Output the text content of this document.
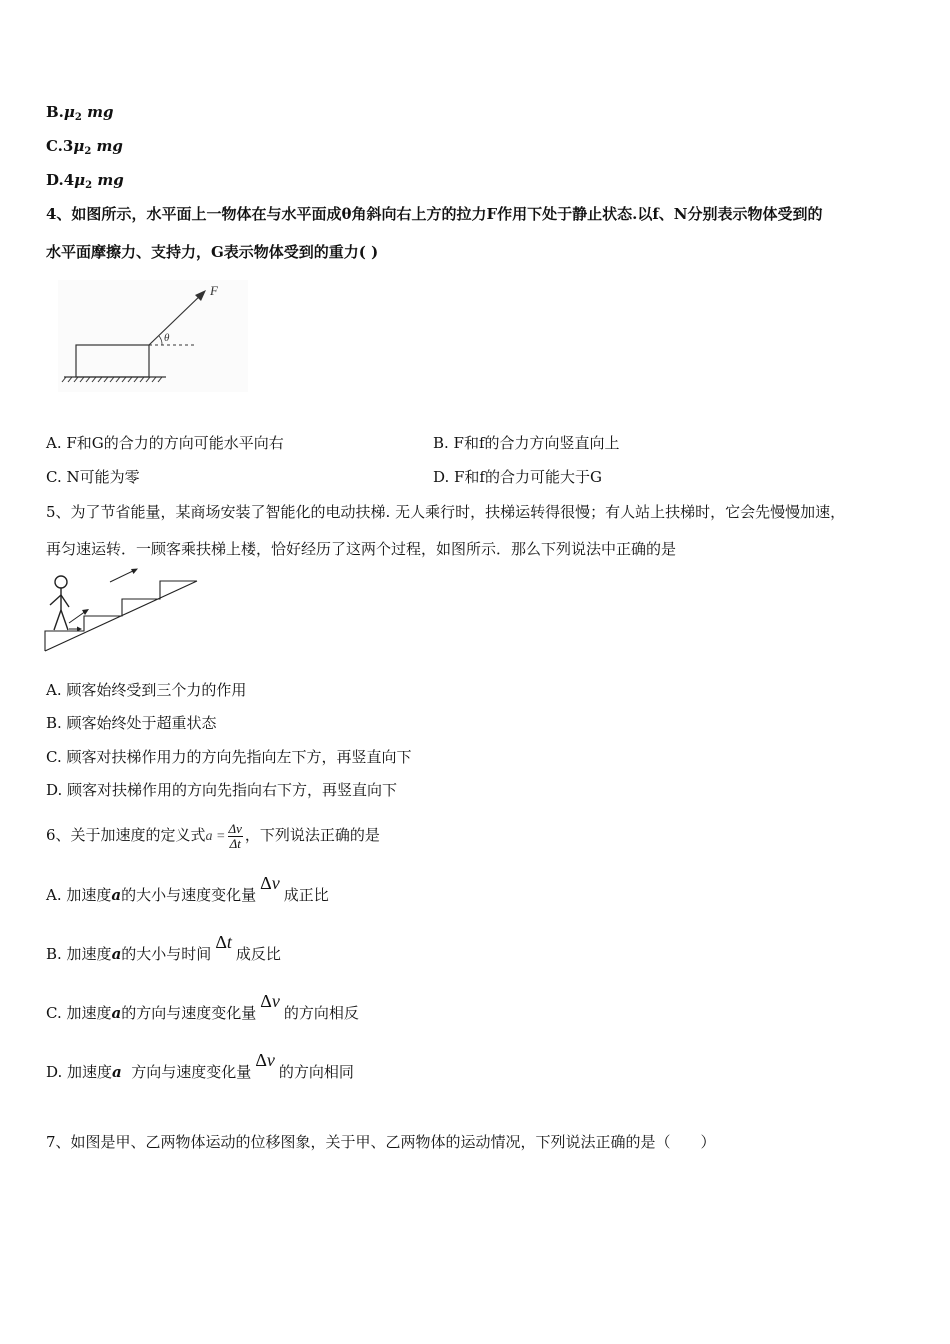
$B.\mu_2$ mg
$C.3\mu_2$ mg
$D.4\mu_2$ mg
4、如图所示，水平面上一物体在与水平面成θ角斜向右上方的拉力F作用下处于静止状态.以f、N分别表示物体受到的
水平面摩擦力、支持力，G表示物体受到的重力( )
F
θ
A. F和G的合力的方向可能水平向右	B. F和f的合力方向竖直向上
C. N可能为零	D. F和f的合力可能大于G
5、为了节省能量，某商场安装了智能化的电动扶梯. 无人乘行时，扶梯运转得很慢；有人站上扶梯时，它会先慢慢加速，
再匀速运转．一顾客乘扶梯上楼，恰好经历了这两个过程，如图所示．那么下列说法中正确的是
A. 顾客始终受到三个力的作用
B. 顾客始终处于超重状态
C. 顾客对扶梯作用力的方向先指向左下方，再竖直向下
D. 顾客对扶梯作用的方向先指向右下方，再竖直向下
6、关于加速度的定义式$a = \frac{\Delta v}{\Delta t}$ ，下列说法正确的是
A. 加速度a的大小与速度变化量Δv成正比
B. 加速度a的大小与时间Δt成反比
C. 加速度a的方向与速度变化量Δv的方向相反
D. 加速度a  方向与速度变化量Δv的方向相同
7、如图是甲、乙两物体运动的位移图象，关于甲、乙两物体的运动情况，下列说法正确的是（　　）
